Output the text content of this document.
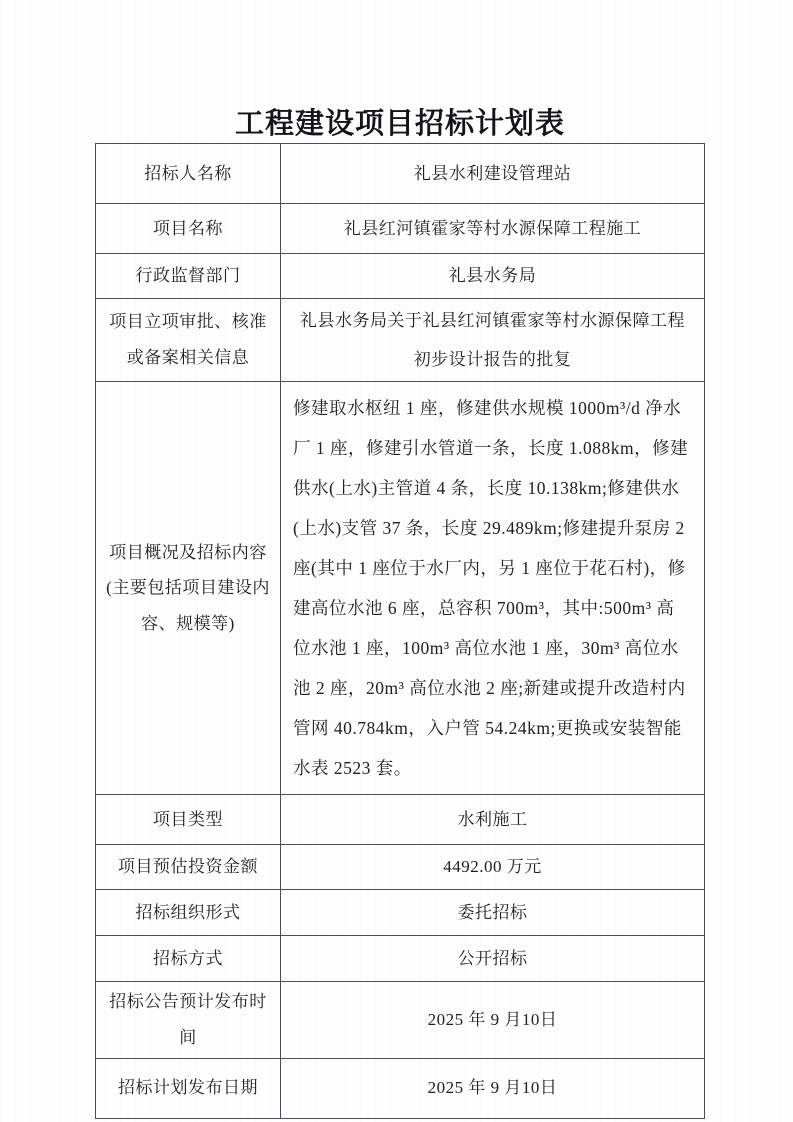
工程建设项目招标计划表
招标人名称	礼县水利建设管理站
项目名称	礼县红河镇霍家等村水源保障工程施工
行政监督部门	礼县水务局
项目立项审批、核准或备案相关信息	礼县水务局关于礼县红河镇霍家等村水源保障工程初步设计报告的批复
项目概况及招标内容(主要包括项目建设内容、规模等)	修建取水枢纽 1 座，修建供水规模 1000m³/d 净水厂 1 座，修建引水管道一条，长度 1.088km，修建供水(上水)主管道 4 条，长度 10.138km;修建供水(上水)支管 37 条，长度 29.489km;修建提升泵房 2 座(其中 1 座位于水厂内，另 1 座位于花石村)，修建高位水池 6 座，总容积 700m³，其中:500m³ 高位水池 1 座，100m³ 高位水池 1 座，30m³ 高位水池 2 座，20m³ 高位水池 2 座;新建或提升改造村内管网 40.784km，入户管 54.24km;更换或安装智能水表 2523 套。
项目类型	水利施工
项目预估投资金额	4492.00 万元
招标组织形式	委托招标
招标方式	公开招标
招标公告预计发布时间	2025 年 9 月10日
招标计划发布日期	2025 年 9 月10日
